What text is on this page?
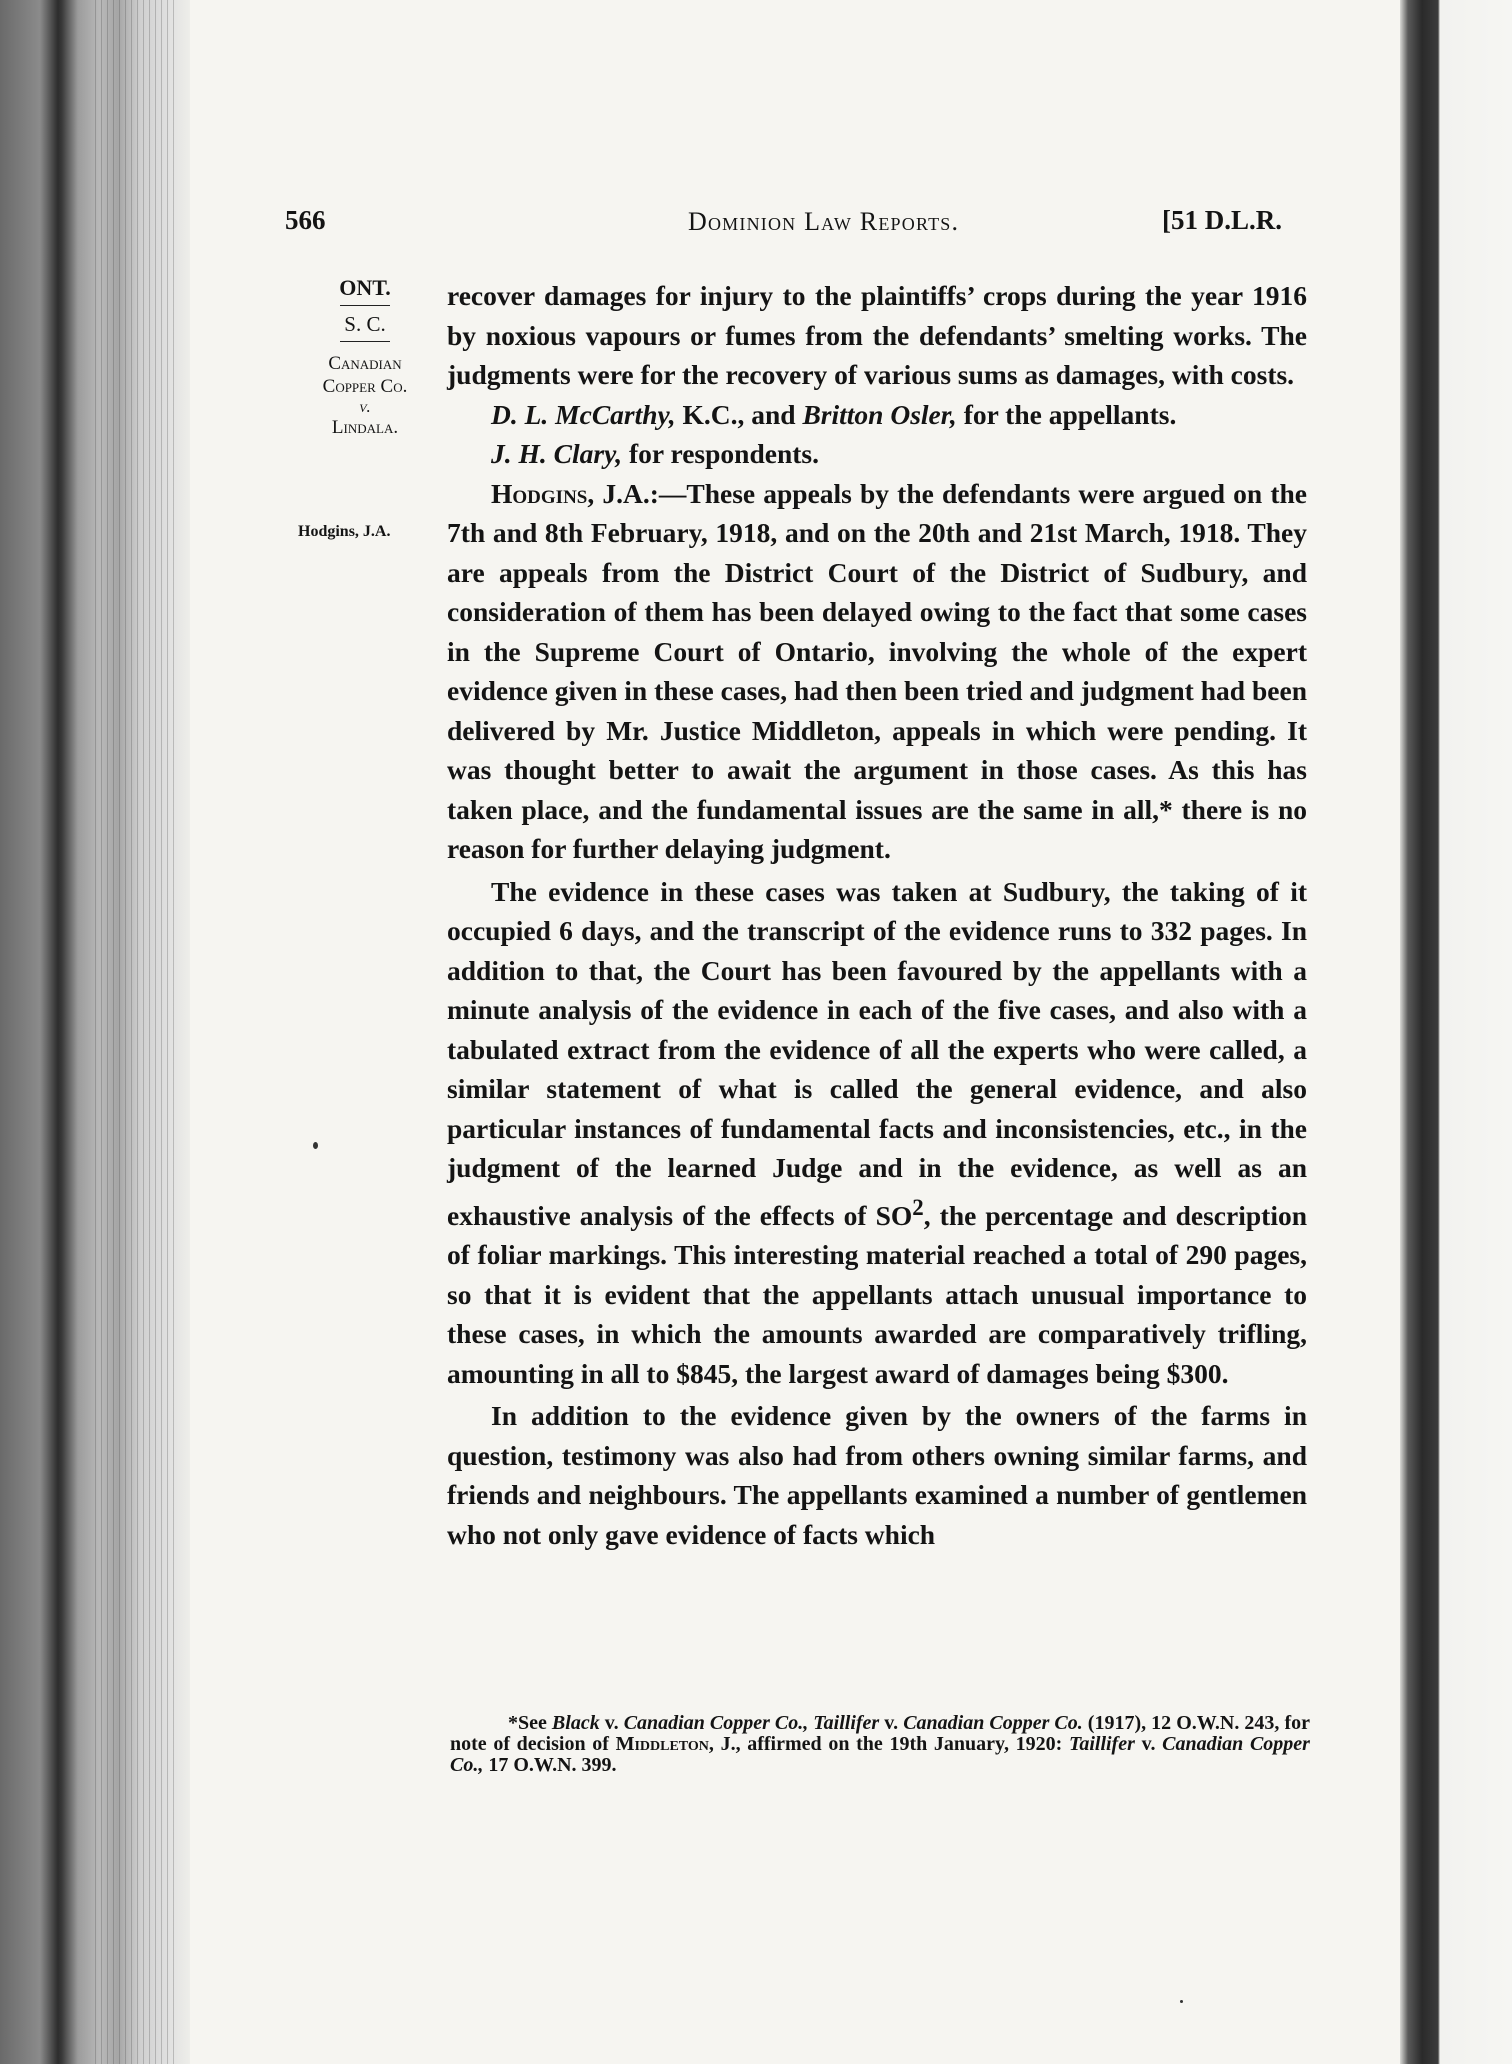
566	Dominion Law Reports.	[51 D.L.R.
ONT.
S. C.
Canadian
Copper Co.
v.
Lindala.
Hodgins, J.A.

recover damages for injury to the plaintiffs’ crops during the year 1916 by noxious vapours or fumes from the defendants’ smelting works. The judgments were for the recovery of various sums as damages, with costs.

D. L. McCarthy, K.C., and Britton Osler, for the appellants.

J. H. Clary, for respondents.

Hodgins, J.A.:—These appeals by the defendants were argued on the 7th and 8th February, 1918, and on the 20th and 21st March, 1918. They are appeals from the District Court of the District of Sudbury, and consideration of them has been delayed owing to the fact that some cases in the Supreme Court of Ontario, involving the whole of the expert evidence given in these cases, had then been tried and judgment had been delivered by Mr. Justice Middleton, appeals in which were pending. It was thought better to await the argument in those cases. As this has taken place, and the fundamental issues are the same in all,* there is no reason for further delaying judgment.

The evidence in these cases was taken at Sudbury, the taking of it occupied 6 days, and the transcript of the evidence runs to 332 pages. In addition to that, the Court has been favoured by the appellants with a minute analysis of the evidence in each of the five cases, and also with a tabulated extract from the evidence of all the experts who were called, a similar statement of what is called the general evidence, and also particular instances of fundamental facts and inconsistencies, etc., in the judgment of the learned Judge and in the evidence, as well as an exhaustive analysis of the effects of $SO^2$, the percentage and description of foliar markings. This interesting material reached a total of 290 pages, so that it is evident that the appellants attach unusual importance to these cases, in which the amounts awarded are comparatively trifling, amounting in all to $845, the largest award of damages being $300.

In addition to the evidence given by the owners of the farms in question, testimony was also had from others owning similar farms, and friends and neighbours. The appellants examined a number of gentlemen who not only gave evidence of facts which

*See Black v. Canadian Copper Co., Taillifer v. Canadian Copper Co. (1917), 12 O.W.N. 243, for note of decision of Middleton, J., affirmed on the 19th January, 1920: Taillifer v. Canadian Copper Co., 17 O.W.N. 399.
